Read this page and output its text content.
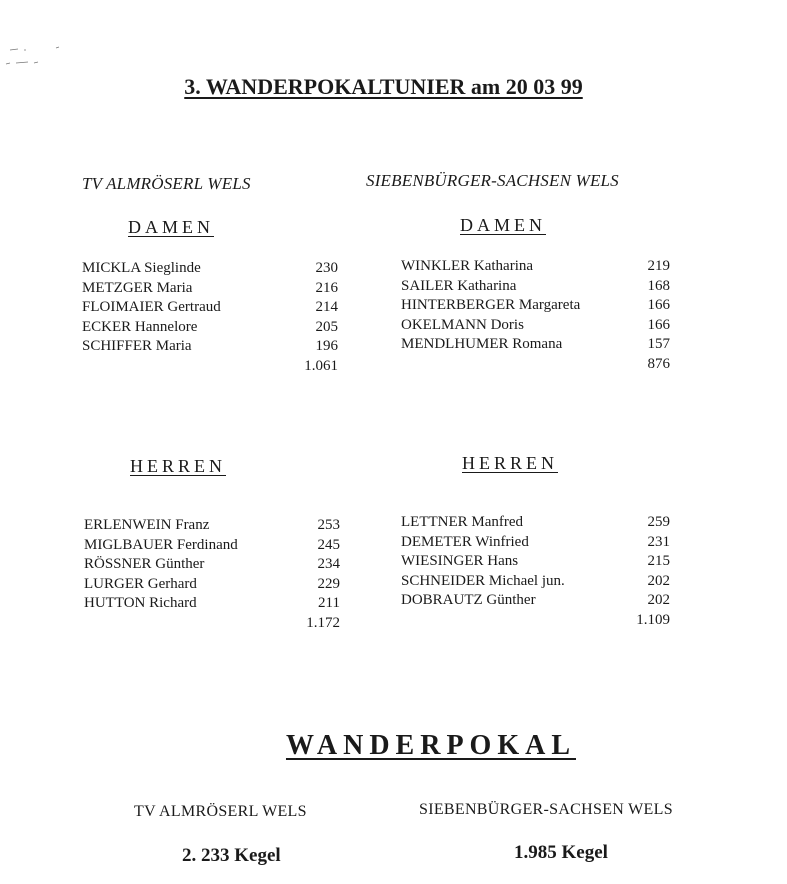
3. WANDERPOKALTUNIER am 20 03 99
TV ALMRÖSERL WELS
DAMEN
MICKLA Sieglinde	230
METZGER Maria	216
FLOIMAIER Gertraud	214
ECKER Hannelore	205
SCHIFFER Maria	196
1.061
HERREN
ERLENWEIN Franz	253
MIGLBAUER Ferdinand	245
RÖSSNER Günther	234
LURGER Gerhard	229
HUTTON Richard	211
1.172
SIEBENBÜRGER-SACHSEN WELS
DAMEN
WINKLER Katharina	219
SAILER Katharina	168
HINTERBERGER Margareta	166
OKELMANN Doris	166
MENDLHUMER Romana	157
876
HERREN
LETTNER Manfred	259
DEMETER Winfried	231
WIESINGER Hans	215
SCHNEIDER Michael jun.	202
DOBRAUTZ Günther	202
1.109
WANDERPOKAL
TV ALMRÖSERL WELS	SIEBENBÜRGER-SACHSEN WELS
2. 233 Kegel	1.985 Kegel
